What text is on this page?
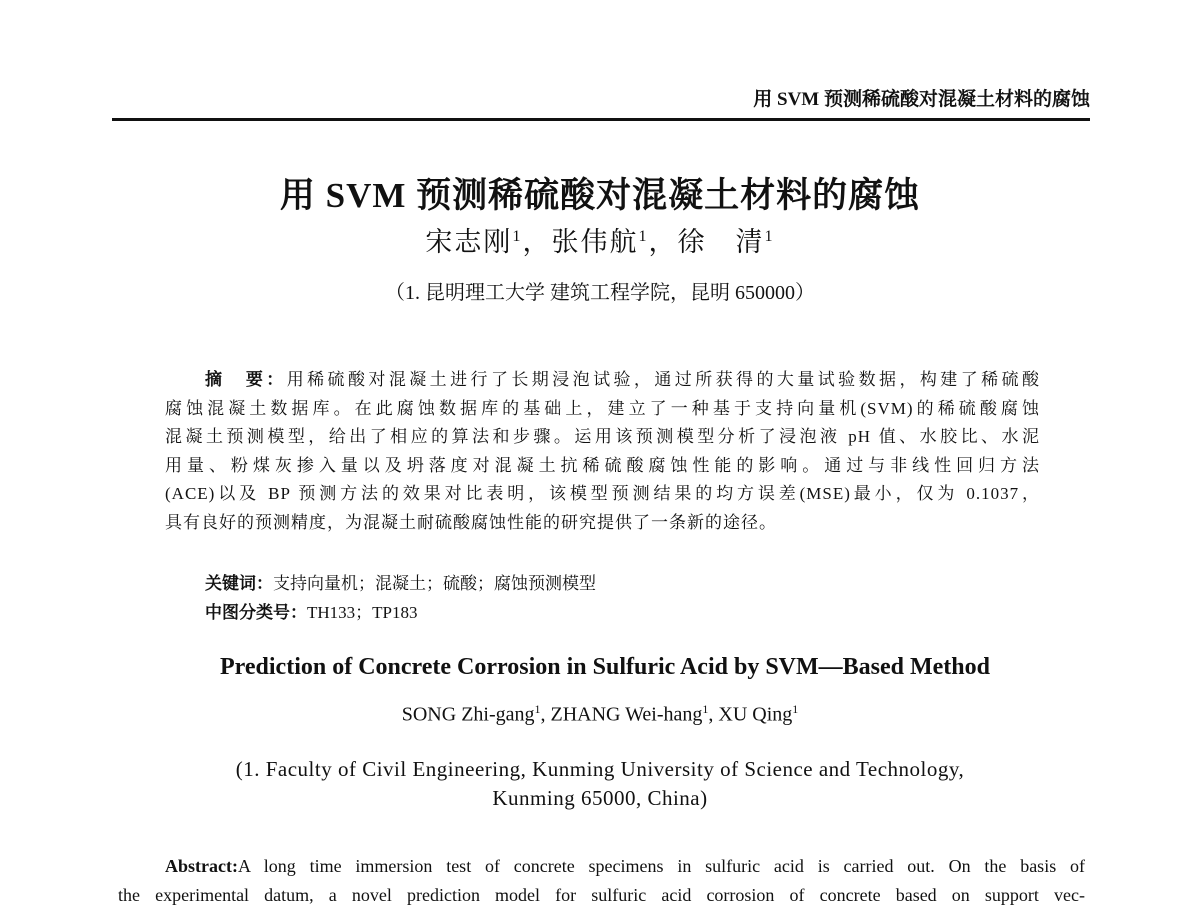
用 SVM 预测稀硫酸对混凝土材料的腐蚀
用 SVM 预测稀硫酸对混凝土材料的腐蚀
宋志刚$^1$，张伟航$^1$，徐　清$^1$
（1. 昆明理工大学 建筑工程学院，昆明 650000）
摘　要：用稀硫酸对混凝土进行了长期浸泡试验，通过所获得的大量试验数据，构建了稀硫酸
腐蚀混凝土数据库。在此腐蚀数据库的基础上，建立了一种基于支持向量机(SVM)的稀硫酸腐蚀
混凝土预测模型，给出了相应的算法和步骤。运用该预测模型分析了浸泡液 pH 值、水胶比、水泥
用量、粉煤灰掺入量以及坍落度对混凝土抗稀硫酸腐蚀性能的影响。通过与非线性回归方法
(ACE)以及 BP 预测方法的效果对比表明，该模型预测结果的均方误差(MSE)最小，仅为 0.1037，
具有良好的预测精度，为混凝土耐硫酸腐蚀性能的研究提供了一条新的途径。
关键词：支持向量机；混凝土；硫酸；腐蚀预测模型
中图分类号：TH133；TP183
Prediction of Concrete Corrosion in Sulfuric Acid by SVM—Based Method
SONG Zhi-gang$^1$, ZHANG Wei-hang$^1$, XU Qing$^1$
(1. Faculty of Civil Engineering, Kunming University of Science and Technology,
Kunming 65000, China)
Abstract:A long time immersion test of concrete specimens in sulfuric acid is carried out. On the basis of
the experimental datum, a novel prediction model for sulfuric acid corrosion of concrete based on support vec-
